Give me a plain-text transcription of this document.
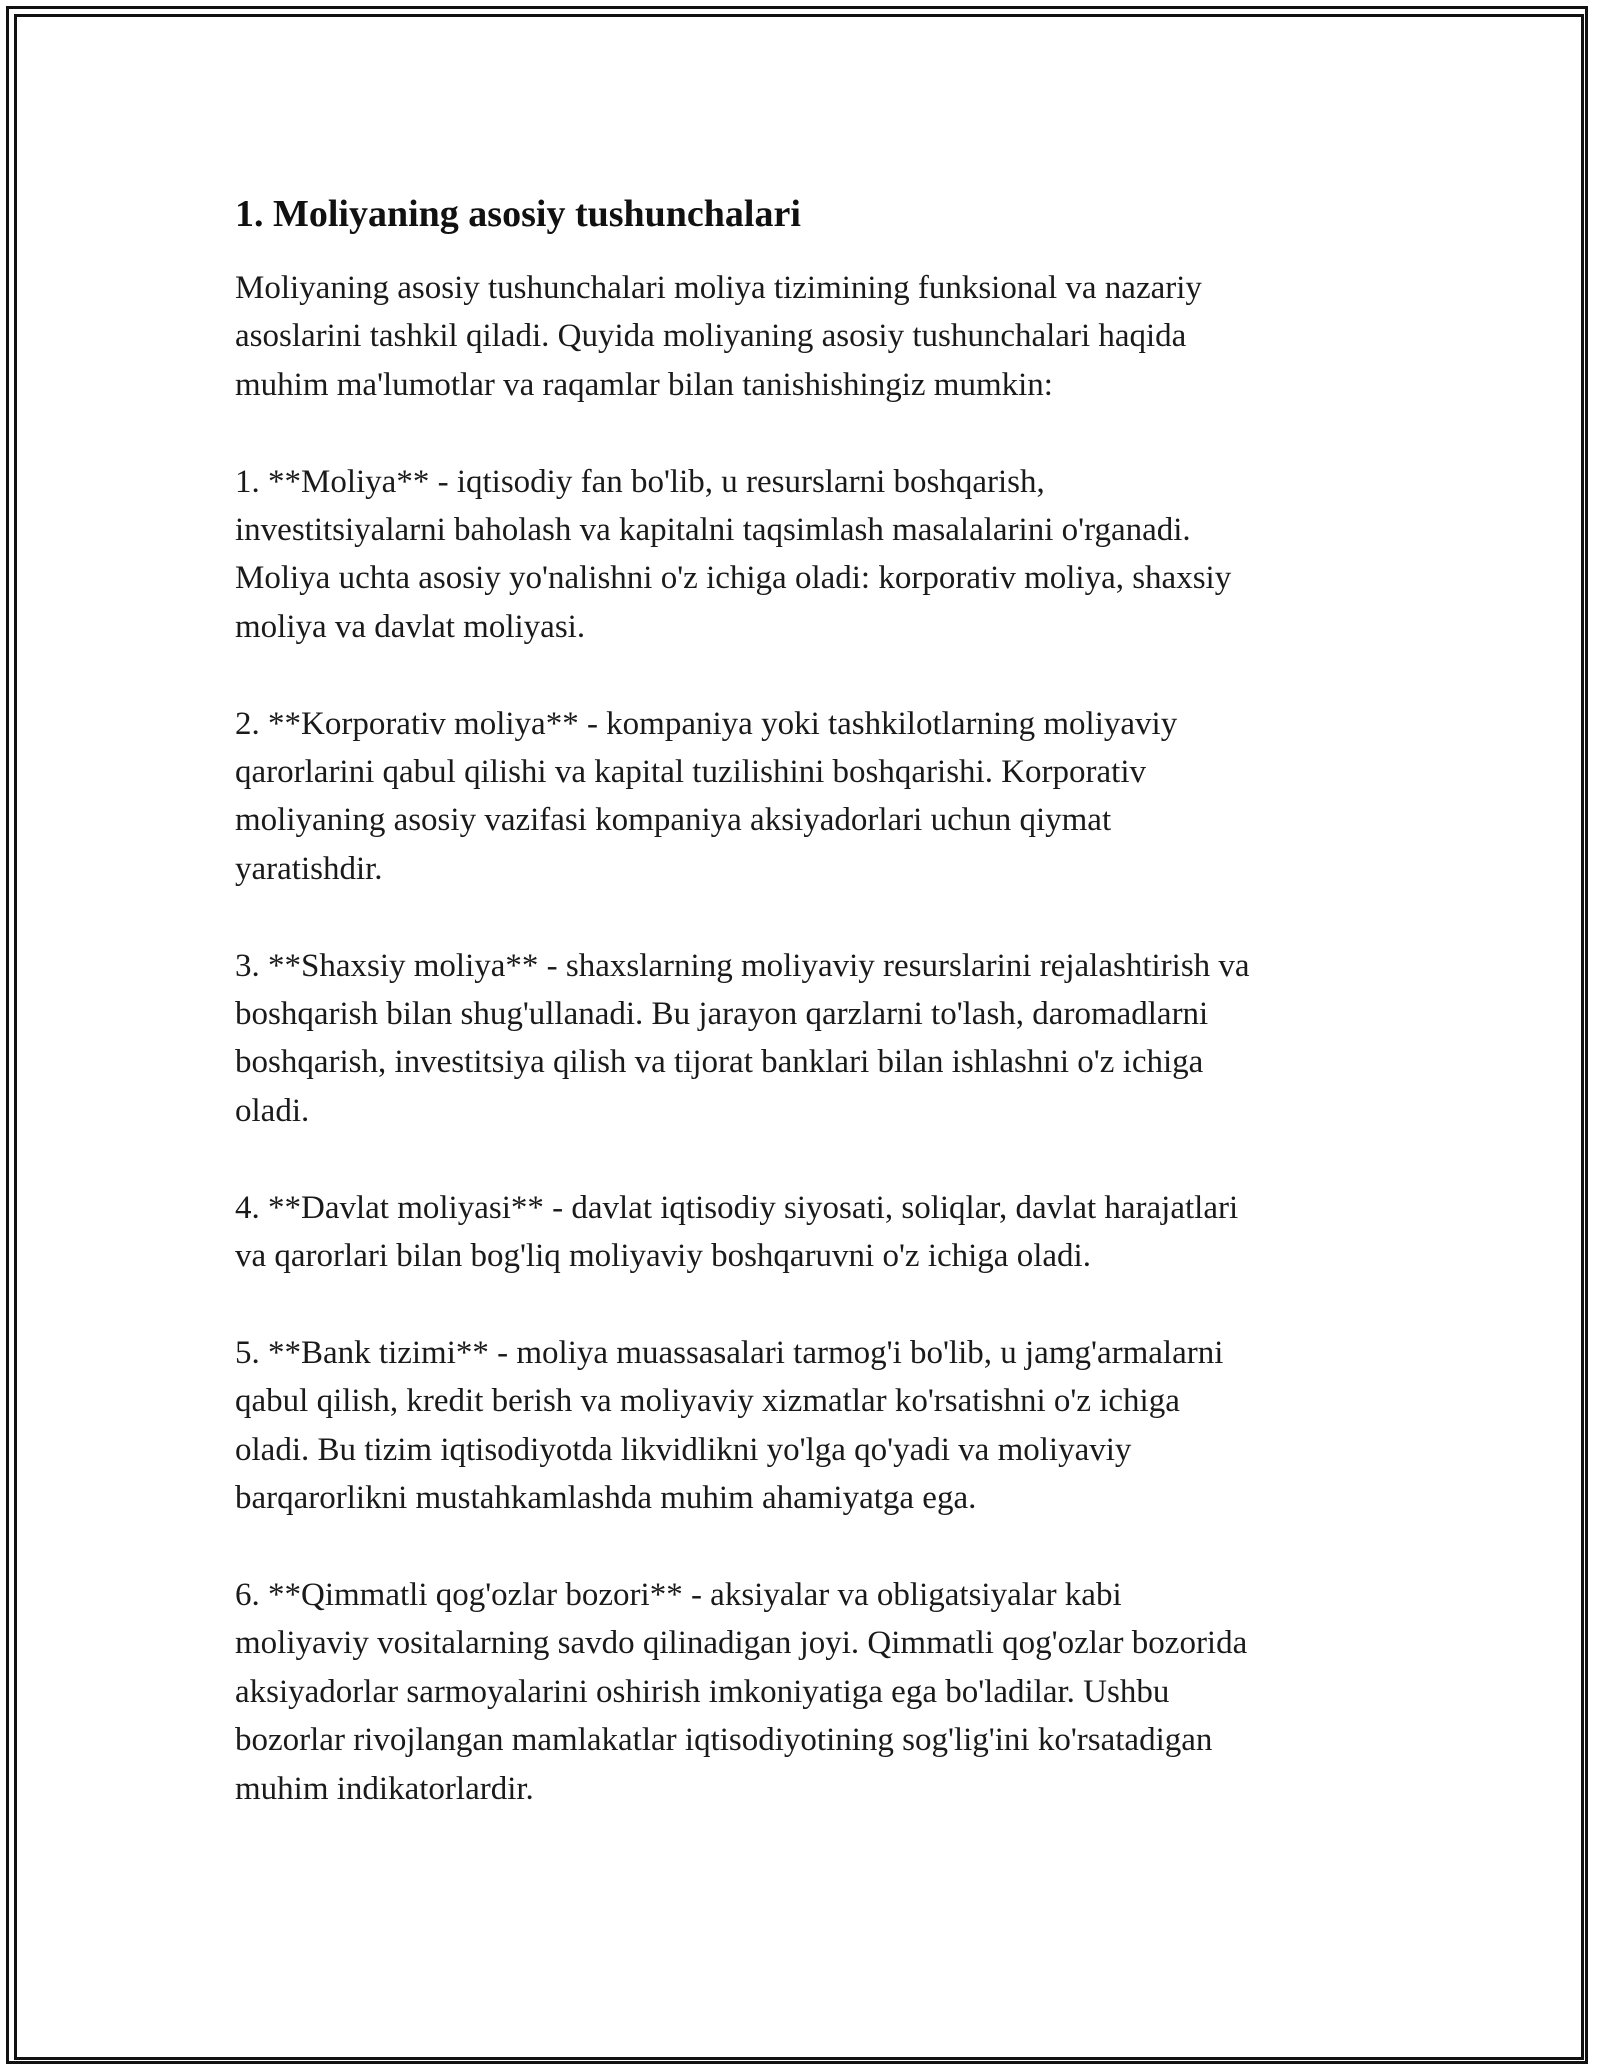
1. Moliyaning asosiy tushunchalari

Moliyaning asosiy tushunchalari moliya tizimining funksional va nazariy
asoslarini tashkil qiladi. Quyida moliyaning asosiy tushunchalari haqida
muhim ma'lumotlar va raqamlar bilan tanishishingiz mumkin:

1. **Moliya** - iqtisodiy fan bo'lib, u resurslarni boshqarish,
investitsiyalarni baholash va kapitalni taqsimlash masalalarini o'rganadi.
Moliya uchta asosiy yo'nalishni o'z ichiga oladi: korporativ moliya, shaxsiy
moliya va davlat moliyasi.

2. **Korporativ moliya** - kompaniya yoki tashkilotlarning moliyaviy
qarorlarini qabul qilishi va kapital tuzilishini boshqarishi. Korporativ
moliyaning asosiy vazifasi kompaniya aksiyadorlari uchun qiymat
yaratishdir.

3. **Shaxsiy moliya** - shaxslarning moliyaviy resurslarini rejalashtirish va
boshqarish bilan shug'ullanadi. Bu jarayon qarzlarni to'lash, daromadlarni
boshqarish, investitsiya qilish va tijorat banklari bilan ishlashni o'z ichiga
oladi.

4. **Davlat moliyasi** - davlat iqtisodiy siyosati, soliqlar, davlat harajatlari
va qarorlari bilan bog'liq moliyaviy boshqaruvni o'z ichiga oladi.

5. **Bank tizimi** - moliya muassasalari tarmog'i bo'lib, u jamg'armalarni
qabul qilish, kredit berish va moliyaviy xizmatlar ko'rsatishni o'z ichiga
oladi. Bu tizim iqtisodiyotda likvidlikni yo'lga qo'yadi va moliyaviy
barqarorlikni mustahkamlashda muhim ahamiyatga ega.

6. **Qimmatli qog'ozlar bozori** - aksiyalar va obligatsiyalar kabi
moliyaviy vositalarning savdo qilinadigan joyi. Qimmatli qog'ozlar bozorida
aksiyadorlar sarmoyalarini oshirish imkoniyatiga ega bo'ladilar. Ushbu
bozorlar rivojlangan mamlakatlar iqtisodiyotining sog'lig'ini ko'rsatadigan
muhim indikatorlardir.
